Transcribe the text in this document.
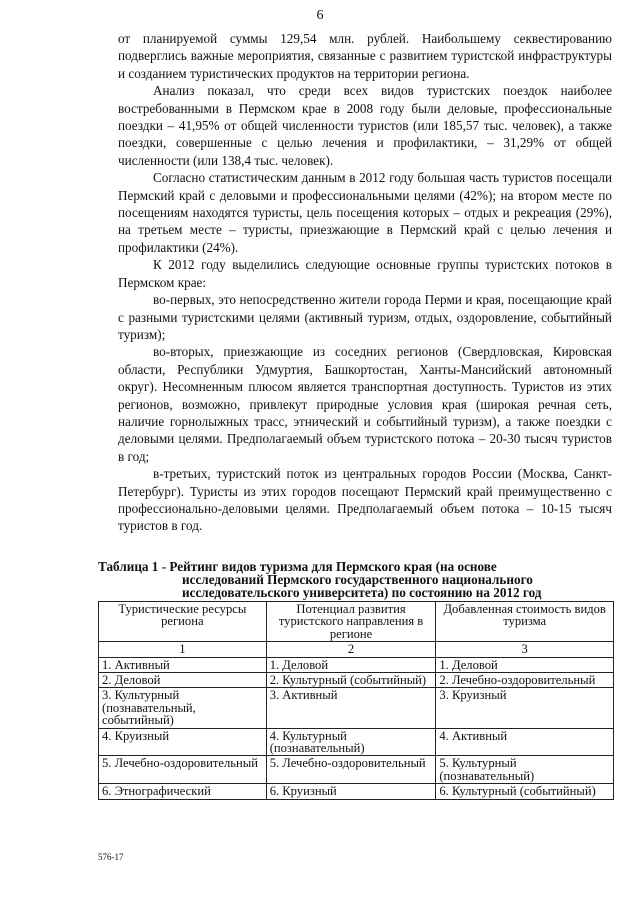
6

от планируемой суммы 129,54 млн. рублей. Наибольшему секвестированию подверглись важные мероприятия, связанные с развитием туристской инфраструктуры и созданием туристических продуктов на территории региона.

Анализ показал, что среди всех видов туристских поездок наиболее востребованными в Пермском крае в 2008 году были деловые, профессиональные поездки – 41,95% от общей численности туристов (или 185,57 тыс. человек), а также поездки, совершенные с целью лечения и профилактики, – 31,29% от общей численности (или 138,4 тыс. человек).

Согласно статистическим данным в 2012 году большая часть туристов посещали Пермский край с деловыми и профессиональными целями (42%); на втором месте по посещениям находятся туристы, цель посещения которых – отдых и рекреация (29%), на третьем месте – туристы, приезжающие в Пермский край с целью лечения и профилактики (24%).

К 2012 году выделились следующие основные группы туристских потоков в Пермском крае:

во-первых, это непосредственно жители города Перми и края, посещающие край с разными туристскими целями (активный туризм, отдых, оздоровление, событийный туризм);

во-вторых, приезжающие из соседних регионов (Свердловская, Кировская области, Республики Удмуртия, Башкортостан, Ханты-Мансийский автономный округ). Несомненным плюсом является транспортная доступность. Туристов из этих регионов, возможно, привлекут природные условия края (широкая речная сеть, наличие горнолыжных трасс, этнический и событийный туризм), а также поездки с деловыми целями. Предполагаемый объем туристского потока – 20-30 тысяч туристов в год;

в-третьих, туристский поток из центральных городов России (Москва, Санкт-Петербург). Туристы из этих городов посещают Пермский край преимущественно с профессионально-деловыми целями. Предполагаемый объем потока – 10-15 тысяч туристов в год.

Таблица 1 - Рейтинг видов туризма для Пермского края (на основе
исследований Пермского государственного национального исследовательского университета) по состоянию на 2012 год
Туристические ресурсы региона	Потенциал развития туристского направления в регионе	Добавленная стоимость видов туризма
1	2	3
1. Активный	1. Деловой	1. Деловой
2. Деловой	2. Культурный (событийный)	2. Лечебно-оздоровительный
3. Культурный (познавательный, событийный)	3. Активный	3. Круизный
4. Круизный	4. Культурный (познавательный)	4. Активный
5. Лечебно-оздоровительный	5. Лечебно-оздоровительный	5. Культурный (познавательный)
6. Этнографический	6. Круизный	6. Культурный (событийный)
576-17
